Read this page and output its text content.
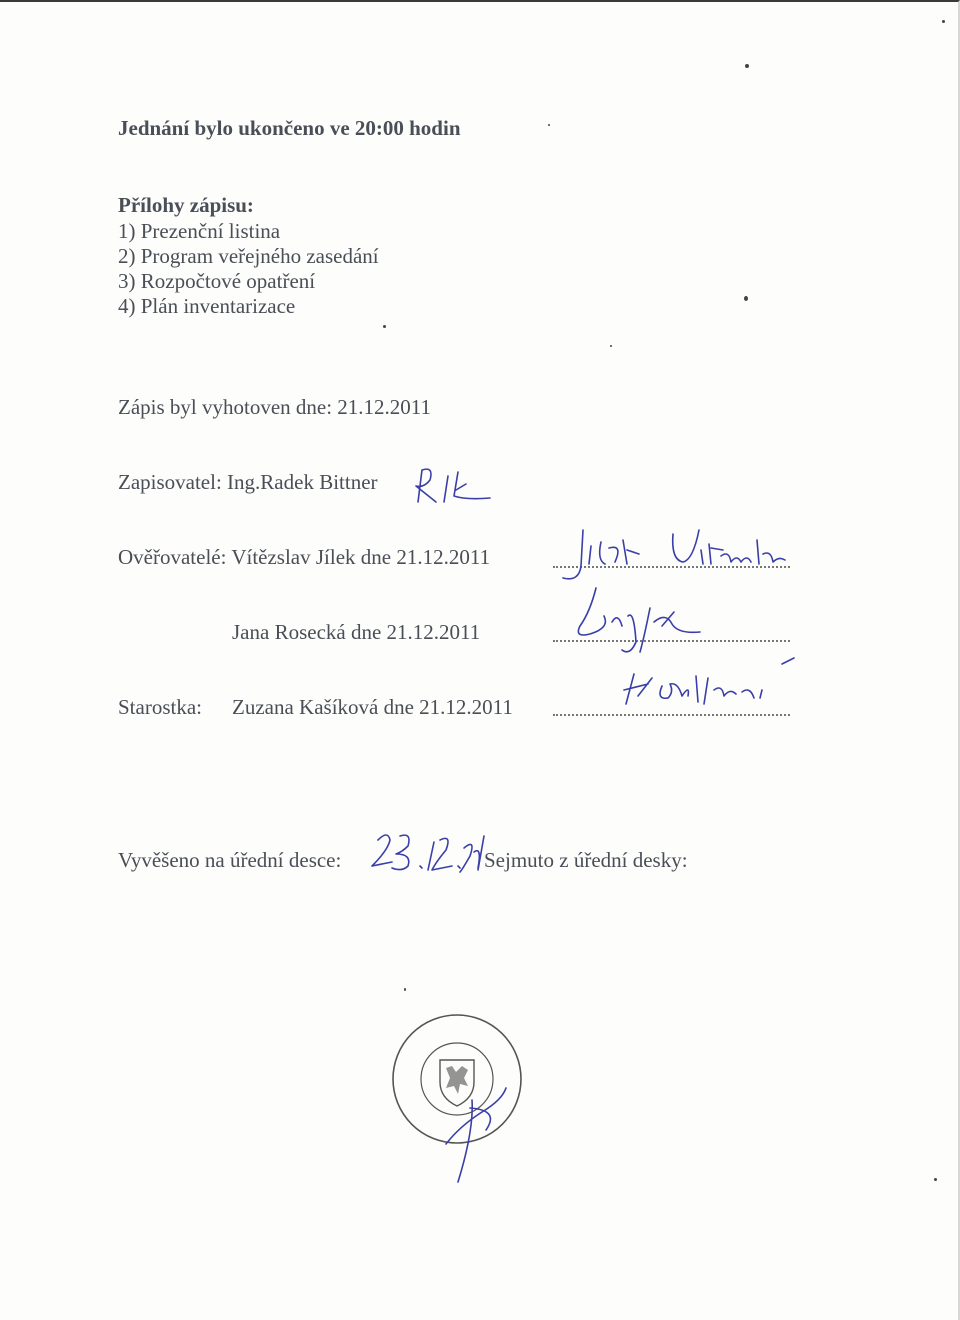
Jednání bylo ukončeno ve 20:00 hodin
Přílohy zápisu:
1) Prezenční listina
2) Program veřejného zasedání
3) Rozpočtové opatření
4) Plán inventarizace
Zápis byl vyhotoven dne: 21.12.2011
Zapisovatel: Ing.Radek Bittner
Ověřovatelé: Vítězslav Jílek dne 21.12.2011
Jana Rosecká dne 21.12.2011
Starostka: Zuzana Kašíková dne 21.12.2011
Vyvěšeno na úřední desce:	Sejmuto z úřední desky:
